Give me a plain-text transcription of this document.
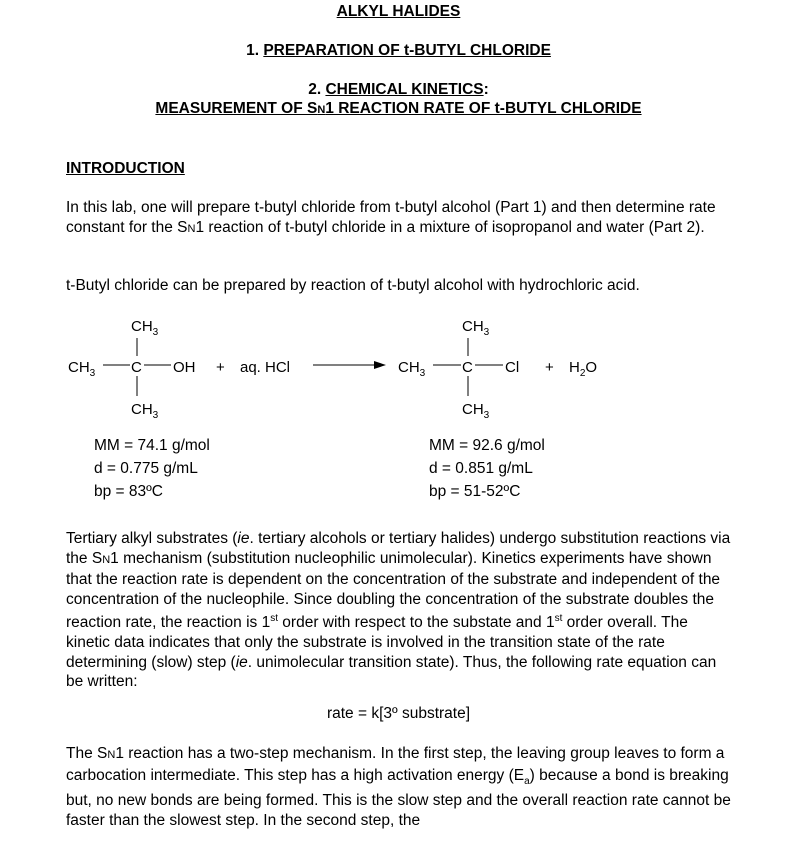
ALKYL HALIDES
1. PREPARATION OF t-BUTYL CHLORIDE
2. CHEMICAL KINETICS:
MEASUREMENT OF SN1 REACTION RATE OF t-BUTYL CHLORIDE
INTRODUCTION
In this lab, one will prepare t-butyl chloride from t-butyl alcohol (Part 1) and then determine rate constant for the SN1 reaction of t-butyl chloride in a mixture of isopropanol and water (Part 2).
t-Butyl chloride can be prepared by reaction of t-butyl alcohol with hydrochloric acid.
$CH_3$
$CH_3$ C OH
$CH_3$
+ aq. HCl
$CH_3$
$CH_3$ C Cl
$CH_3$
+ $H_2O$
MM = 74.1 g/mol
d = 0.775 g/mL
bp = 83ºC
MM = 92.6 g/mol
d = 0.851 g/mL
bp = 51-52ºC
Tertiary alkyl substrates (ie. tertiary alcohols or tertiary halides) undergo substitution reactions via the SN1 mechanism (substitution nucleophilic unimolecular). Kinetics experiments have shown that the reaction rate is dependent on the concentration of the substrate and independent of the concentration of the nucleophile. Since doubling the concentration of the substrate doubles the reaction rate, the reaction is 1st order with respect to the substate and 1st order overall. The kinetic data indicates that only the substrate is involved in the transition state of the rate determining (slow) step (ie. unimolecular transition state). Thus, the following rate equation can be written:
rate = k[3º substrate]
The SN1 reaction has a two-step mechanism. In the first step, the leaving group leaves to form a carbocation intermediate. This step has a high activation energy $(E_a)$ because a bond is breaking but, no new bonds are being formed. This is the slow step and the overall reaction rate cannot be faster than the slowest step. In the second step, the
